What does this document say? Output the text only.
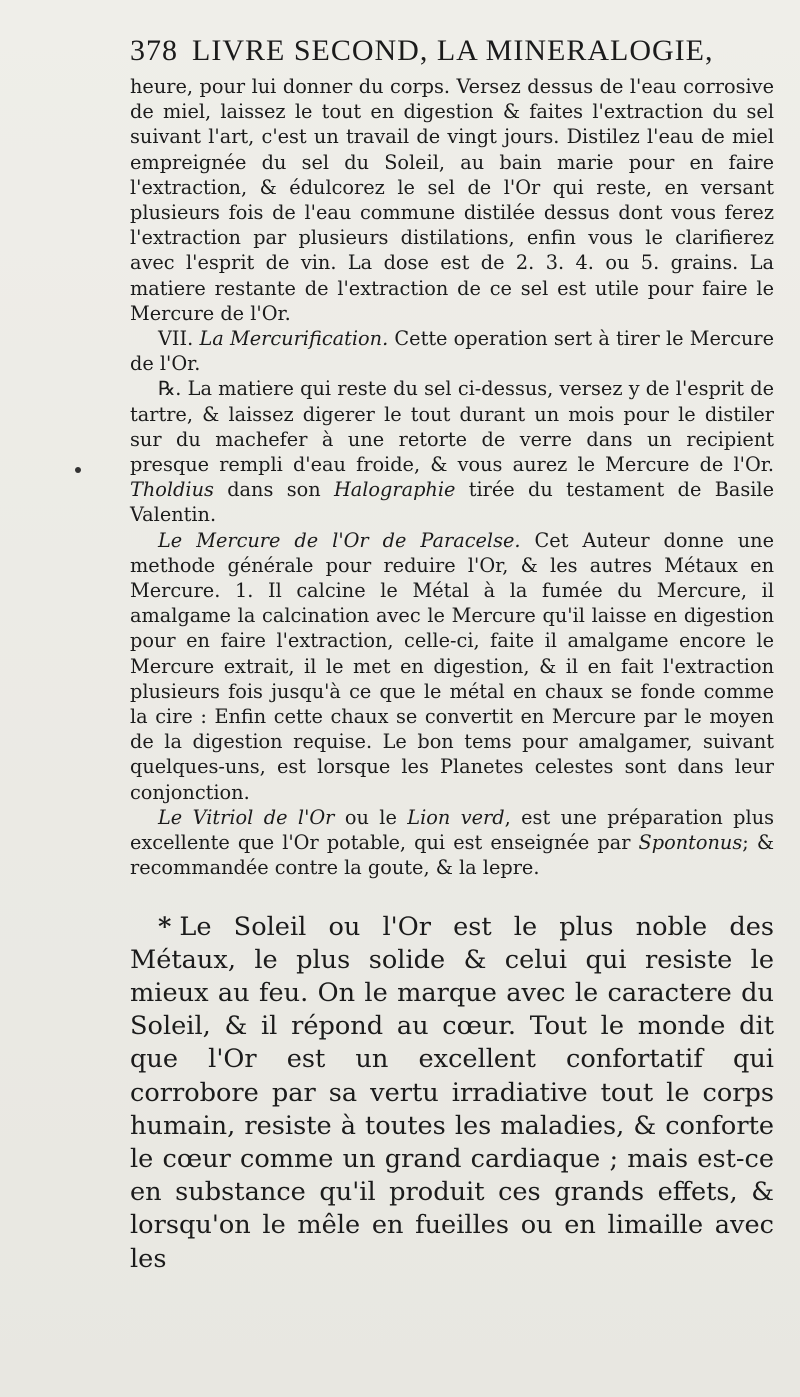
378 LIVRE SECOND, LA MINERALOGIE,

heure, pour lui donner du corps. Versez dessus de l'eau corrosive de miel, laissez le tout en digestion & faites l'extraction du sel suivant l'art, c'est un travail de vingt jours. Distilez l'eau de miel empreignée du sel du Soleil, au bain marie pour en faire l'extraction, & édulcorez le sel de l'Or qui reste, en versant plusieurs fois de l'eau commune distilée dessus dont vous ferez l'extraction par plusieurs distilations, enfin vous le clarifierez avec l'esprit de vin. La dose est de 2. 3. 4. ou 5. grains. La matiere restante de l'extraction de ce sel est utile pour faire le Mercure de l'Or.

VII. La Mercurification. Cette operation sert à tirer le Mercure de l'Or.

℞. La matiere qui reste du sel ci-dessus, versez y de l'esprit de tartre, & laissez digerer le tout durant un mois pour le distiler sur du machefer à une retorte de verre dans un recipient presque rempli d'eau froide, & vous aurez le Mercure de l'Or. Tholdius dans son Halographie tirée du testament de Basile Valentin.

Le Mercure de l'Or de Paracelse. Cet Auteur donne une methode générale pour reduire l'Or, & les autres Métaux en Mercure. 1. Il calcine le Métal à la fumée du Mercure, il amalgame la calcination avec le Mercure qu'il laisse en digestion pour en faire l'extraction, celle-ci, faite il amalgame encore le Mercure extrait, il le met en digestion, & il en fait l'extraction plusieurs fois jusqu'à ce que le métal en chaux se fonde comme la cire : Enfin cette chaux se convertit en Mercure par le moyen de la digestion requise. Le bon tems pour amalgamer, suivant quelques-uns, est lorsque les Planetes celestes sont dans leur conjonction.

Le Vitriol de l'Or ou le Lion verd, est une préparation plus excellente que l'Or potable, qui est enseignée par Spontonus; & recommandée contre la goute, & la lepre.

* Le Soleil ou l'Or est le plus noble des Métaux, le plus solide & celui qui resiste le mieux au feu. On le marque avec le caractere du Soleil, & il répond au cœur. Tout le monde dit que l'Or est un excellent confortatif qui corrobore par sa vertu irradiative tout le corps humain, resiste à toutes les maladies, & conforte le cœur comme un grand cardiaque ; mais est-ce en substance qu'il produit ces grands effets, & lorsqu'on le mêle en fueilles ou en limaille avec les
